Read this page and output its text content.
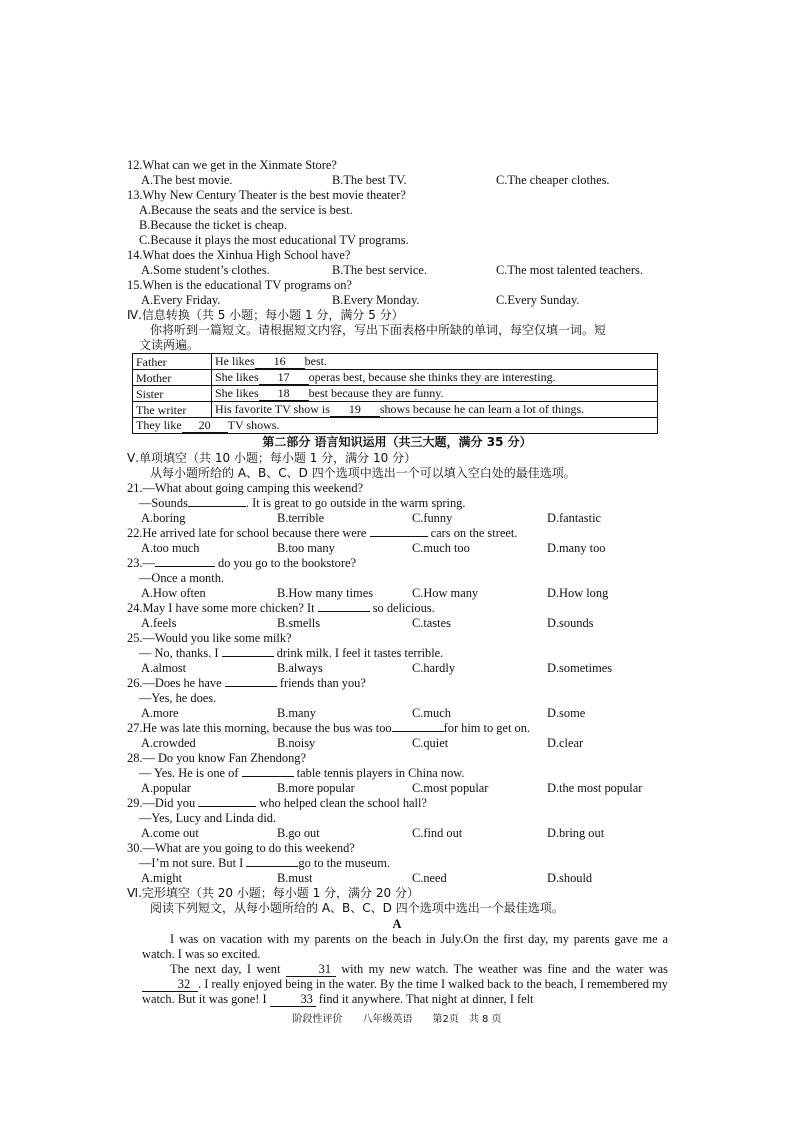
12.What can we get in the Xinmate Store?
A.The best movie.	B.The best TV.	C.The cheaper clothes.
13.Why New Century Theater is the best movie theater?
A.Because the seats and the service is best.
B.Because the ticket is cheap.
C.Because it plays the most educational TV programs.
14.What does the Xinhua High School have?
A.Some student’s clothes.	B.The best service.	C.The most talented teachers.
15.When is the educational TV programs on?
A.Every Friday.	B.Every Monday.	C.Every Sunday.
Ⅳ.信息转换（共 5 小题；每小题 1 分，满分 5 分）
你将听到一篇短文。请根据短文内容，写出下面表格中所缺的单词，每空仅填一词。短
文读两遍。
Father	He likes 16 best.
Mother	She likes 17 operas best, because she thinks they are interesting.
Sister	She likes 18 best because they are funny.
The writer	His favorite TV show is 19 shows because he can learn a lot of things.
They like 20 TV shows.	
第二部分 语言知识运用（共三大题，满分 35 分）
Ⅴ.单项填空（共 10 小题；每小题 1 分，满分 10 分）
从每小题所给的 A、B、C、D 四个选项中选出一个可以填入空白处的最佳选项。
21.—What about going camping this weekend?
—Sounds	. It is great to go outside in the warm spring.
A.boring	B.terrible	C.funny	D.fantastic
22.He arrived late for school because there were	cars on the street.
A.too much	B.too many	C.much too	D.many too
23.—	do you go to the bookstore?
—Once a month.
A.How often	B.How many times	C.How many	D.How long
24.May I have some more chicken? It	so delicious.
A.feels	B.smells	C.tastes	D.sounds
25.—Would you like some milk?
— No, thanks. I	drink milk. I feel it tastes terrible.
A.almost	B.always	C.hardly	D.sometimes
26.—Does he have	friends than you?
—Yes, he does.
A.more	B.many	C.much	D.some
27.He was late this morning, because the bus was too	for him to get on.
A.crowded	B.noisy	C.quiet	D.clear
28.— Do you know Fan Zhendong?
— Yes. He is one of	table tennis players in China now.
A.popular	B.more popular	C.most popular	D.the most popular
29.—Did you	who helped clean the school hall?
—Yes, Lucy and Linda did.
A.come out	B.go out	C.find out	D.bring out
30.—What are you going to do this weekend?
—I’m not sure. But I	go to the museum.
A.might	B.must	C.need	D.should
Ⅵ.完形填空（共 20 小题；每小题 1 分，满分 20 分）
阅读下列短文，从每小题所给的 A、B、C、D 四个选项中选出一个最佳选项。
A
I was on vacation with my parents on the beach in July.On the first day, my parents gave me a watch. I was so excited.
The next day, I went	31 with my new watch. The weather was fine and the water was32 . I really enjoyed being in the water. By the time I walked back to the beach, I remembered my watch. But it was gone! I	33 find it anywhere. That night at dinner, I felt
阶段性评价　　八年级英语　　第2页　共 8 页
